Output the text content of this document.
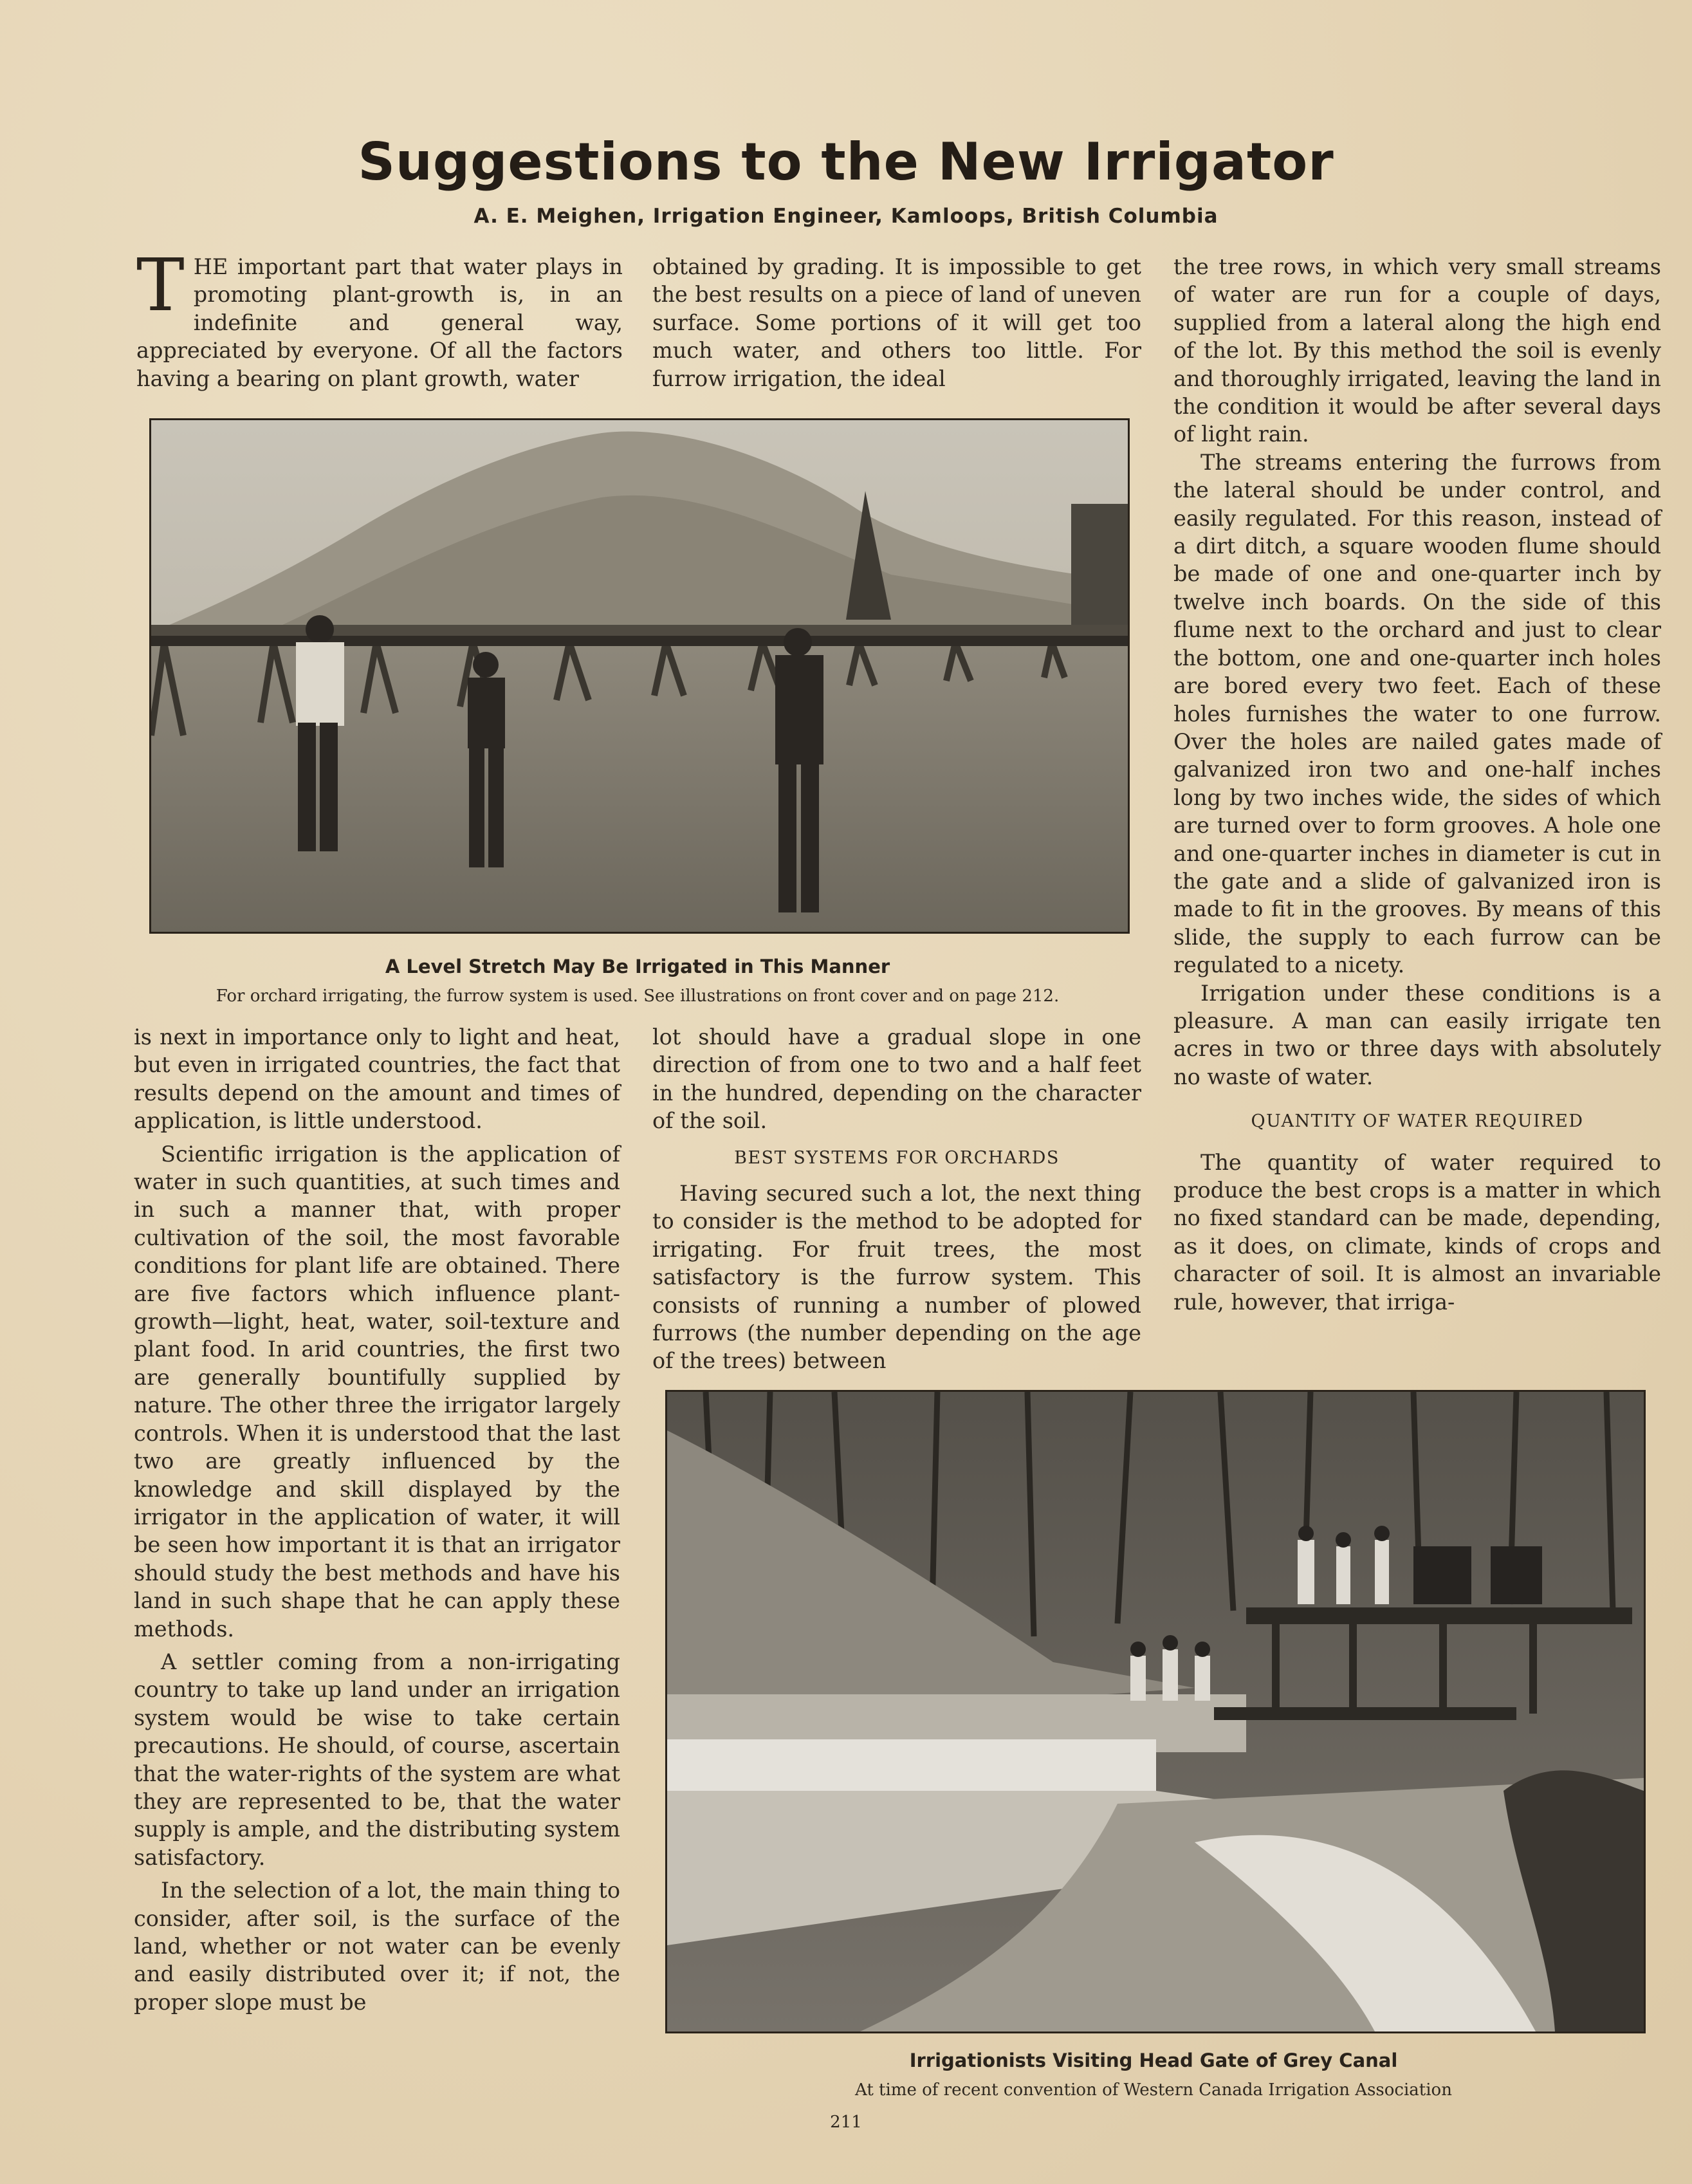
Suggestions to the New Irrigator
A. E. Meighen, Irrigation Engineer, Kamloops, British Columbia

THE important part that water plays in promoting plant-growth is, in an indefinite and general way, appreciated by everyone. Of all the factors having a bearing on plant growth, water

obtained by grading. It is impossible to get the best results on a piece of land of uneven surface. Some portions of it will get too much water, and others too little. For furrow irrigation, the ideal

the tree rows, in which very small streams of water are run for a couple of days, supplied from a lateral along the high end of the lot. By this method the soil is evenly and thoroughly irrigated, leaving the land in the condition it would be after several days of light rain.

The streams entering the furrows from the lateral should be under control, and easily regulated. For this reason, instead of a dirt ditch, a square wooden flume should be made of one and one-quarter inch by twelve inch boards. On the side of this flume next to the orchard and just to clear the bottom, one and one-quarter inch holes are bored every two feet. Each of these holes furnishes the water to one furrow. Over the holes are nailed gates made of galvanized iron two and one-half inches long by two inches wide, the sides of which are turned over to form grooves. A hole one and one-quarter inches in diameter is cut in the gate and a slide of galvanized iron is made to fit in the grooves. By means of this slide, the supply to each furrow can be regulated to a nicety.

Irrigation under these conditions is a pleasure. A man can easily irrigate ten acres in two or three days with absolutely no waste of water.

QUANTITY OF WATER REQUIRED

The quantity of water required to produce the best crops is a matter in which no fixed standard can be made, depending, as it does, on climate, kinds of crops and character of soil. It is almost an invariable rule, however, that irriga-

A Level Stretch May Be Irrigated in This Manner
For orchard irrigating, the furrow system is used. See illustrations on front cover and on page 212.

is next in importance only to light and heat, but even in irrigated countries, the fact that results depend on the amount and times of application, is little understood.

Scientific irrigation is the application of water in such quantities, at such times and in such a manner that, with proper cultivation of the soil, the most favorable conditions for plant life are obtained. There are five factors which influence plant-growth—light, heat, water, soil-texture and plant food. In arid countries, the first two are generally bountifully supplied by nature. The other three the irrigator largely controls. When it is understood that the last two are greatly influenced by the knowledge and skill displayed by the irrigator in the application of water, it will be seen how important it is that an irrigator should study the best methods and have his land in such shape that he can apply these methods.

A settler coming from a non-irrigating country to take up land under an irrigation system would be wise to take certain precautions. He should, of course, ascertain that the water-rights of the system are what they are represented to be, that the water supply is ample, and the distributing system satisfactory.

In the selection of a lot, the main thing to consider, after soil, is the surface of the land, whether or not water can be evenly and easily distributed over it; if not, the proper slope must be

lot should have a gradual slope in one direction of from one to two and a half feet in the hundred, depending on the character of the soil.

BEST SYSTEMS FOR ORCHARDS

Having secured such a lot, the next thing to consider is the method to be adopted for irrigating. For fruit trees, the most satisfactory is the furrow system. This consists of running a number of plowed furrows (the number depending on the age of the trees) between

Irrigationists Visiting Head Gate of Grey Canal
At time of recent convention of Western Canada Irrigation Association
211
